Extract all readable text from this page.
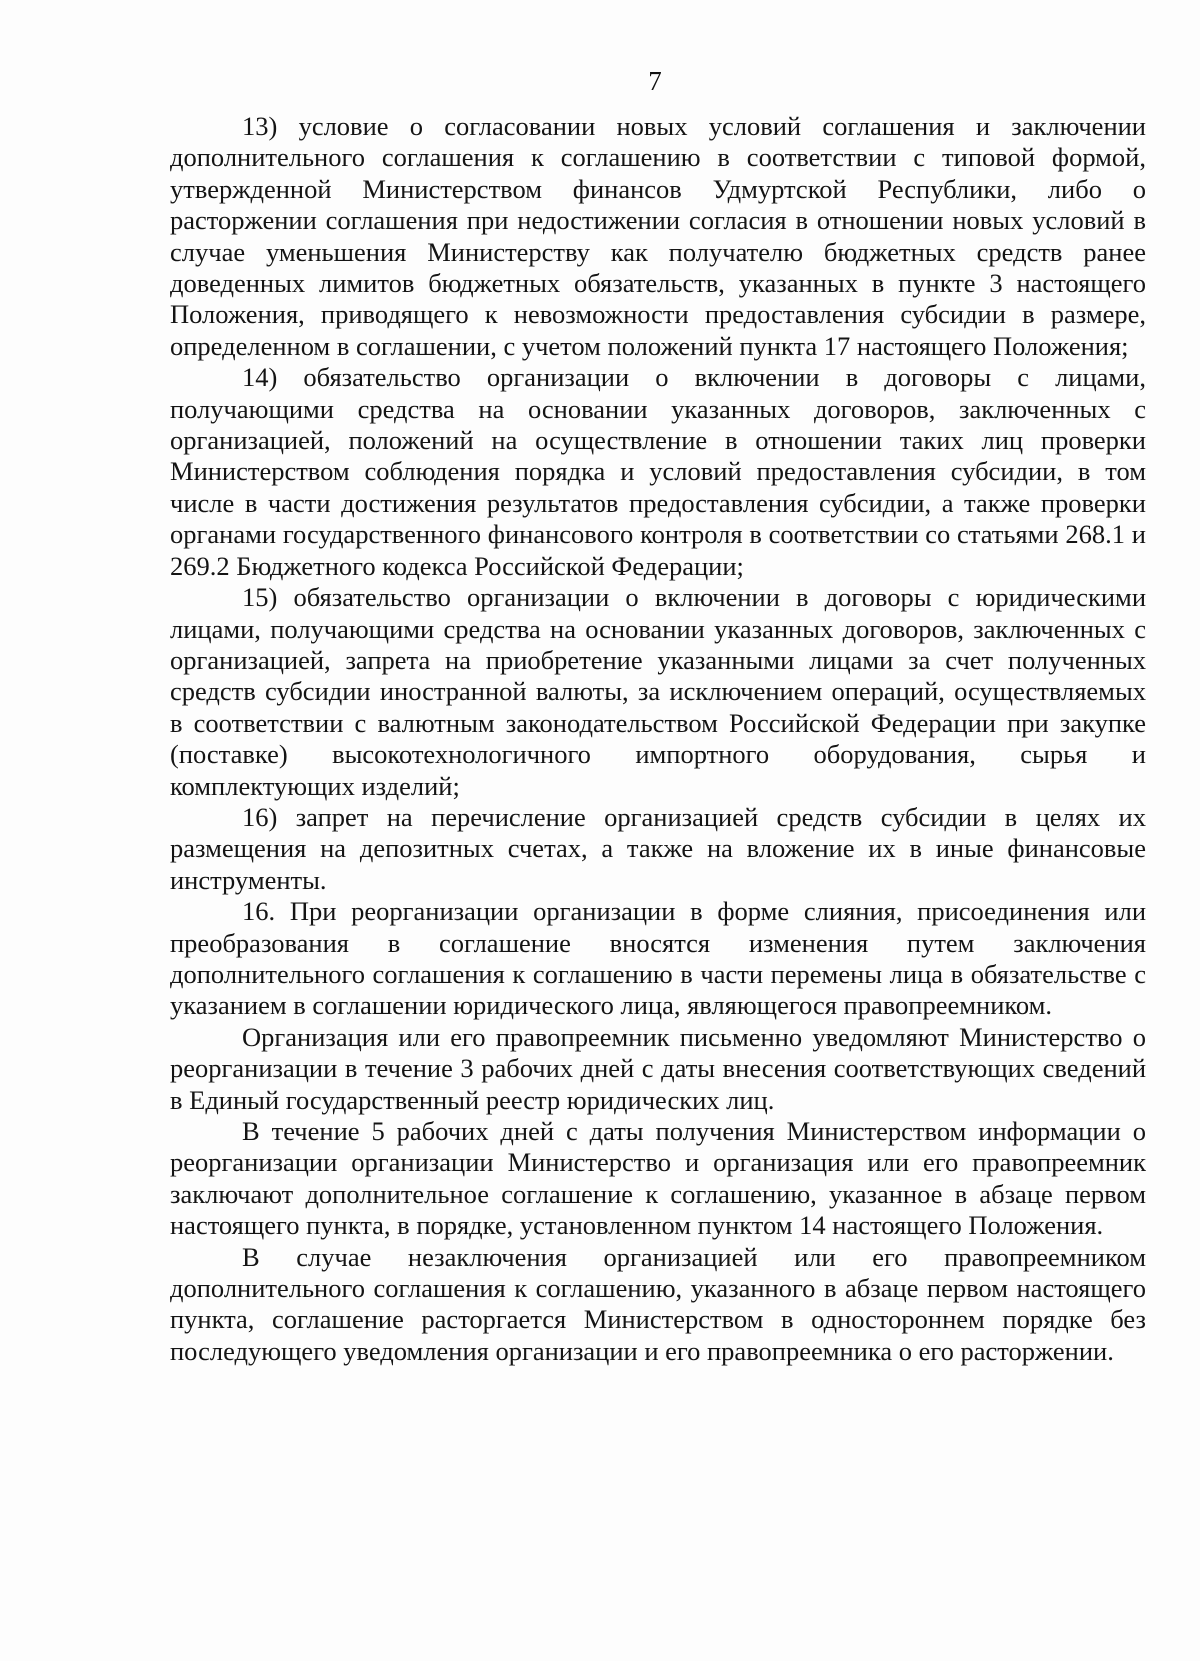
7

13) условие о согласовании новых условий соглашения и заключении дополнительного соглашения к соглашению в соответствии с типовой формой, утвержденной Министерством финансов Удмуртской Республики, либо о расторжении соглашения при недостижении согласия в отношении новых условий в случае уменьшения Министерству как получателю бюджетных средств ранее доведенных лимитов бюджетных обязательств, указанных в пункте 3 настоящего Положения, приводящего к невозможности предоставления субсидии в размере, определенном в соглашении, с учетом положений пункта 17 настоящего Положения;

14) обязательство организации о включении в договоры с лицами, получающими средства на основании указанных договоров, заключенных с организацией, положений на осуществление в отношении таких лиц проверки Министерством соблюдения порядка и условий предоставления субсидии, в том числе в части достижения результатов предоставления субсидии, а также проверки органами государственного финансового контроля в соответствии со статьями 268.1 и 269.2 Бюджетного кодекса Российской Федерации;

15) обязательство организации о включении в договоры с юридическими лицами, получающими средства на основании указанных договоров, заключенных с организацией, запрета на приобретение указанными лицами за счет полученных средств субсидии иностранной валюты, за исключением операций, осуществляемых в соответствии с валютным законодательством Российской Федерации при закупке (поставке) высокотехнологичного импортного оборудования, сырья и комплектующих изделий;

16) запрет на перечисление организацией средств субсидии в целях их размещения на депозитных счетах, а также на вложение их в иные финансовые инструменты.

16. При реорганизации организации в форме слияния, присоединения или преобразования в соглашение вносятся изменения путем заключения дополнительного соглашения к соглашению в части перемены лица в обязательстве с указанием в соглашении юридического лица, являющегося правопреемником.

Организация или его правопреемник письменно уведомляют Министерство о реорганизации в течение 3 рабочих дней с даты внесения соответствующих сведений в Единый государственный реестр юридических лиц.

В течение 5 рабочих дней с даты получения Министерством информации о реорганизации организации Министерство и организация или его правопреемник заключают дополнительное соглашение к соглашению, указанное в абзаце первом настоящего пункта, в порядке, установленном пунктом 14 настоящего Положения.

В случае незаключения организацией или его правопреемником дополнительного соглашения к соглашению, указанного в абзаце первом настоящего пункта, соглашение расторгается Министерством в одностороннем порядке без последующего уведомления организации и его правопреемника о его расторжении.
